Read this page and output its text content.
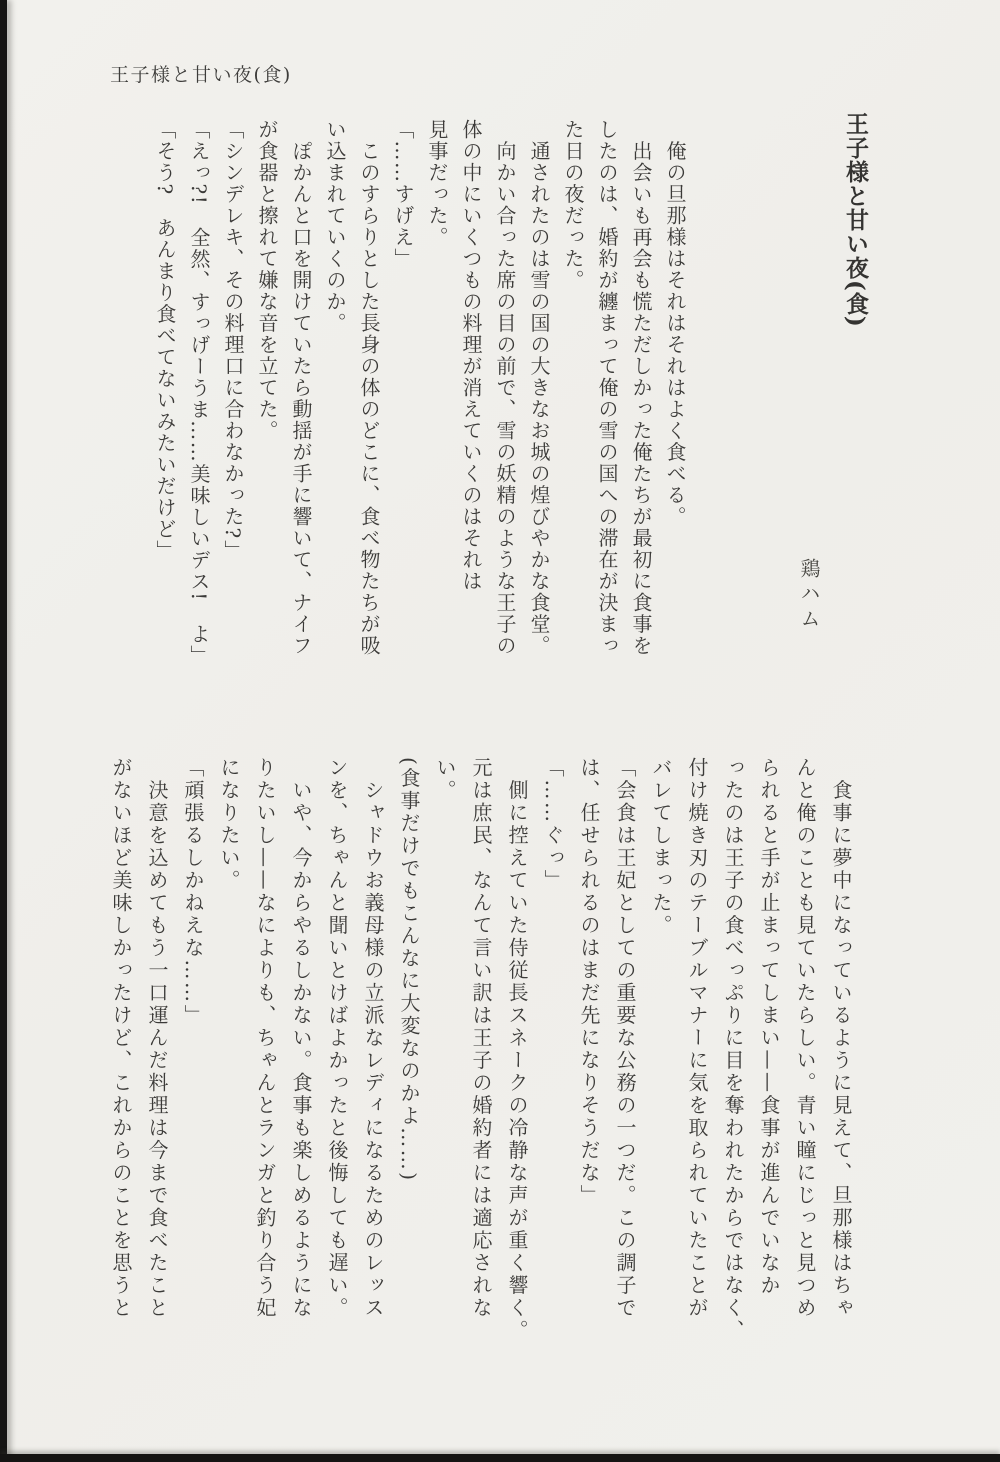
王子様と甘い夜(食)
王子様と甘い夜(食)
鶏ハム

　俺の旦那様はそれはそれはよく食べる。

　出会いも再会も慌ただしかった俺たちが最初に食事を

したのは、婚約が纏まって俺の雪の国への滞在が決まっ

た日の夜だった。

　通されたのは雪の国の大きなお城の煌びやかな食堂。

　向かい合った席の目の前で、雪の妖精のような王子の

体の中にいくつもの料理が消えていくのはそれは

見事だった。

「……すげえ」

　このすらりとした長身の体のどこに、食べ物たちが吸

い込まれていくのか。

　ぽかんと口を開けていたら動揺が手に響いて、ナイフ

が食器と擦れて嫌な音を立てた。

「シンデレキ、その料理口に合わなかった?」

「えっ?!　全然、すっげーうま……美味しいデス!　よ」

「そう?　あんまり食べてないみたいだけど」

　食事に夢中になっているように見えて、旦那様はちゃ

んと俺のことも見ていたらしい。青い瞳にじっと見つめ

られると手が止まってしまい——食事が進んでいなか

ったのは王子の食べっぷりに目を奪われたからではなく、

付け焼き刃のテーブルマナーに気を取られていたことが

バレてしまった。

「会食は王妃としての重要な公務の一つだ。この調子で

は、任せられるのはまだ先になりそうだな」

「……ぐっ」

　側に控えていた侍従長スネークの冷静な声が重く響く。

元は庶民、なんて言い訳は王子の婚約者には適応されな

い。

(食事だけでもこんなに大変なのかよ……)

　シャドウお義母様の立派なレディになるためのレッス

ンを、ちゃんと聞いとけばよかったと後悔しても遅い。

　いや、今からやるしかない。食事も楽しめるようにな

りたいし——なによりも、ちゃんとランガと釣り合う妃

になりたい。

「頑張るしかねえな……」

　決意を込めてもう一口運んだ料理は今まで食べたこと

がないほど美味しかったけど、これからのことを思うと
